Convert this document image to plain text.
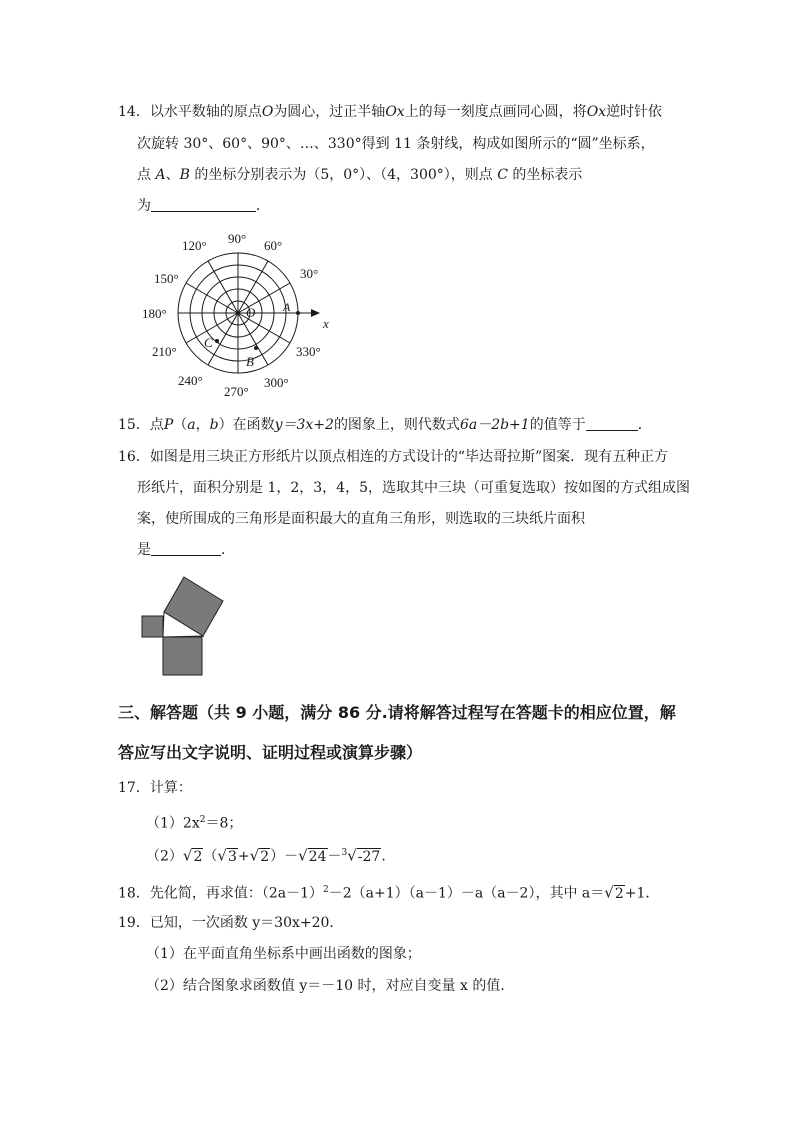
14．以水平数轴的原点O为圆心，过正半轴Ox上的每一刻度点画同心圆，将Ox逆时针依
次旋转 30°、60°、90°、…、330°得到 11 条射线，构成如图所示的“圆”坐标系，
点 A、B 的坐标分别表示为（5，0°）、（4，300°），则点 C 的坐标表示
为	．
120° 90° 60°
150°	30°
180°
210°	330°
240°	300°
270°
O A
B
C
x
15．点P（a，b）在函数y＝3x+2的图象上，则代数式6a－2b+1的值等于	．
16．如图是用三块正方形纸片以顶点相连的方式设计的“毕达哥拉斯”图案．现有五种正方
形纸片，面积分别是 1，2，3，4，5，选取其中三块（可重复选取）按如图的方式组成图
案，使所围成的三角形是面积最大的直角三角形，则选取的三块纸片面积
是	．
三、解答题（共 9 小题，满分 86 分.请将解答过程写在答题卡的相应位置，解
答应写出文字说明、证明过程或演算步骤）
17．计算：
$(1)2x^2=8$；
（2）√2（√3+√2）－√24－$^3$√-27.
18．先化简，再求值：$(2a-1)^2-2(a+1)(a-1)-a(a-2)$，其中 a＝√2+1．
19．已知，一次函数 y＝30x+20．
（1）在平面直角坐标系中画出函数的图象；
（2）结合图象求函数值 y＝－10 时，对应自变量 x 的值．
